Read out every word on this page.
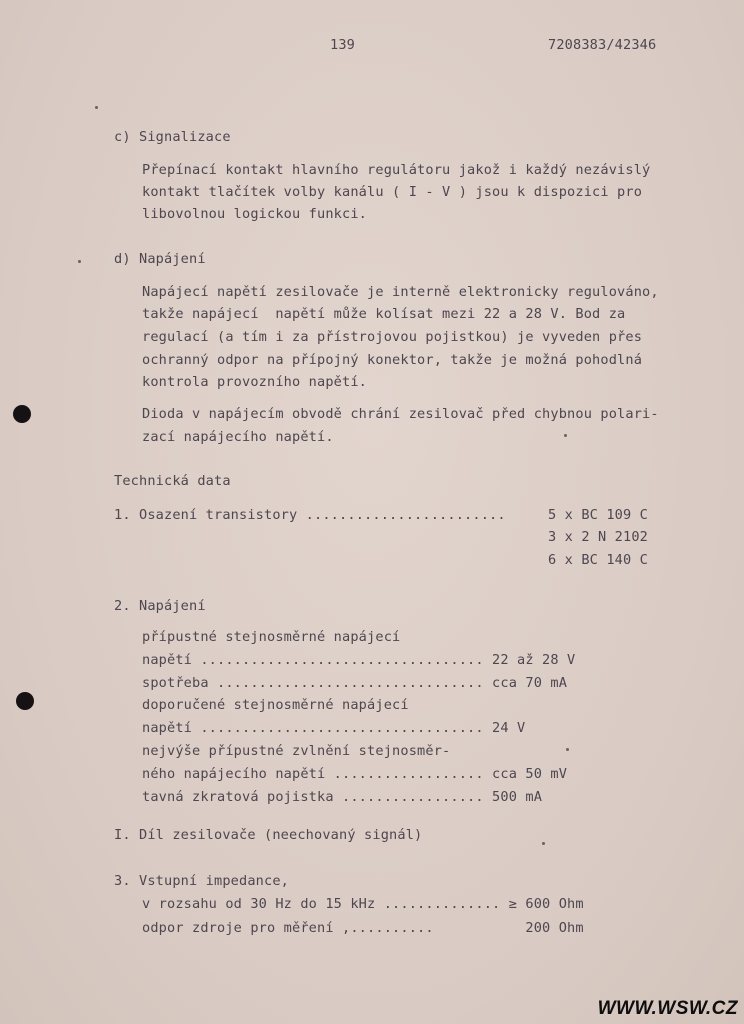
139	7208383/42346
c) Signalizace
Přepínací kontakt hlavního regulátoru jakož i každý nezávislý
kontakt tlačítek volby kanálu ( I - V ) jsou k dispozici pro
libovolnou logickou funkci.
d) Napájení
Napájecí napětí zesilovače je interně elektronicky regulováno,
takže napájecí  napětí může kolísat mezi 22 a 28 V. Bod za
regulací (a tím i za přístrojovou pojistkou) je vyveden přes
ochranný odpor na přípojný konektor, takže je možná pohodlná
kontrola provozního napětí.
Dioda v napájecím obvodě chrání zesilovač před chybnou polari-
zací napájecího napětí.
Technická data
1. Osazení transistory ........................	5 x BC 109 C
3 x 2 N 2102
6 x BC 140 C
2. Napájení
přípustné stejnosměrné napájecí
napětí .................................. 22 až 28 V
spotřeba ................................ cca 70 mA
doporučené stejnosměrné napájecí
napětí .................................. 24 V
nejvýše přípustné zvlnění stejnosměr-
ného napájecího napětí .................. cca 50 mV
tavná zkratová pojistka ................. 500 mA
I. Díl zesilovače (neechovaný signál)
3. Vstupní impedance,
v rozsahu od 30 Hz do 15 kHz .............. ≥ 600 Ohm
odpor zdroje pro měření ,..........           200 Ohm
WWW.WSW.CZ
